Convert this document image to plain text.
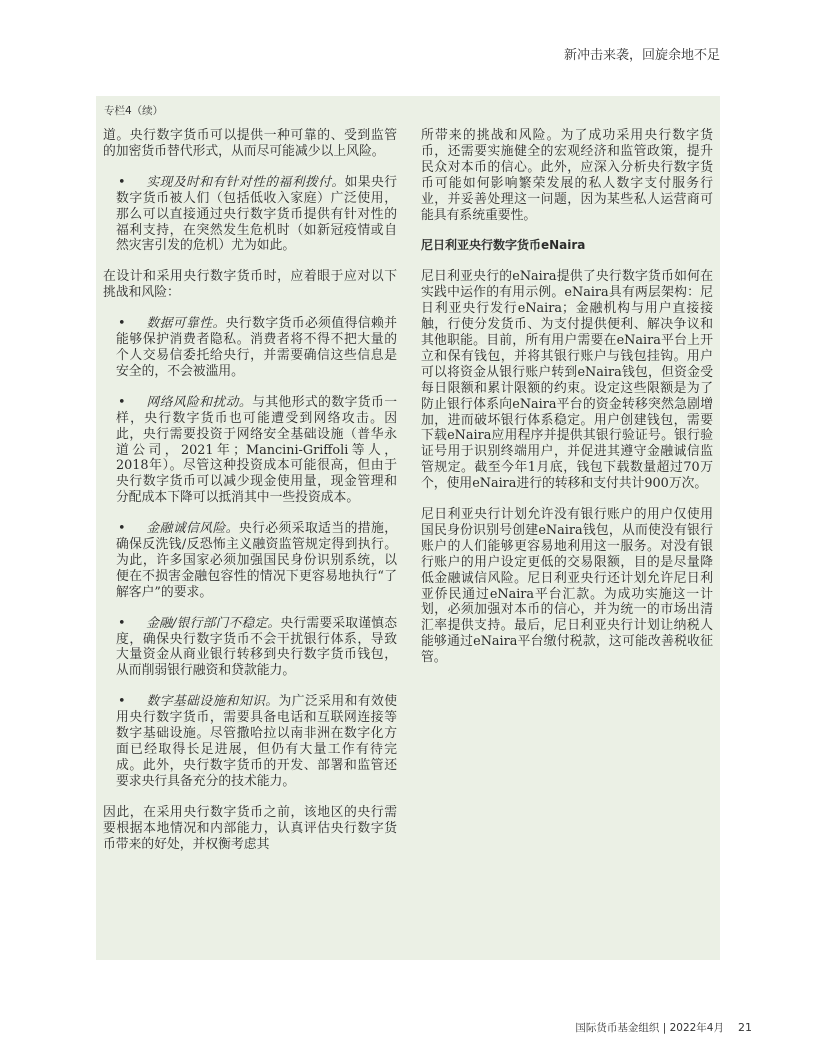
新冲击来袭，回旋余地不足
专栏4（续）

道。央行数字货币可以提供一种可靠的、受到监管的加密货币替代形式，从而尽可能减少以上风险。

• 实现及时和有针对性的福利拨付。如果央行数字货币被人们（包括低收入家庭）广泛使用，那么可以直接通过央行数字货币提供有针对性的福利支持，在突然发生危机时（如新冠疫情或自然灾害引发的危机）尤为如此。

在设计和采用央行数字货币时，应着眼于应对以下挑战和风险：

• 数据可靠性。央行数字货币必须值得信赖并能够保护消费者隐私。消费者将不得不把大量的个人交易信委托给央行，并需要确信这些信息是安全的，不会被滥用。

• 网络风险和扰动。与其他形式的数字货币一样，央行数字货币也可能遭受到网络攻击。因此，央行需要投资于网络安全基础设施（普华永道公司，2021年；Mancini-Griffoli等人，2018年）。尽管这种投资成本可能很高，但由于央行数字货币可以减少现金使用量，现金管理和分配成本下降可以抵消其中一些投资成本。

• 金融诚信风险。央行必须采取适当的措施，确保反洗钱/反恐怖主义融资监管规定得到执行。为此，许多国家必须加强国民身份识别系统，以便在不损害金融包容性的情况下更容易地执行“了解客户”的要求。

• 金融/银行部门不稳定。央行需要采取谨慎态度，确保央行数字货币不会干扰银行体系，导致大量资金从商业银行转移到央行数字货币钱包，从而削弱银行融资和贷款能力。

• 数字基础设施和知识。为广泛采用和有效使用央行数字货币，需要具备电话和互联网连接等数字基础设施。尽管撒哈拉以南非洲在数字化方面已经取得长足进展，但仍有大量工作有待完成。此外，央行数字货币的开发、部署和监管还要求央行具备充分的技术能力。

因此，在采用央行数字货币之前，该地区的央行需要根据本地情况和内部能力，认真评估央行数字货币带来的好处，并权衡考虑其

所带来的挑战和风险。为了成功采用央行数字货币，还需要实施健全的宏观经济和监管政策，提升民众对本币的信心。此外，应深入分析央行数字货币可能如何影响繁荣发展的私人数字支付服务行业，并妥善处理这一问题，因为某些私人运营商可能具有系统重要性。

尼日利亚央行数字货币eNaira

尼日利亚央行的eNaira提供了央行数字货币如何在实践中运作的有用示例。eNaira具有两层架构：尼日利亚央行发行eNaira；金融机构与用户直接接触，行使分发货币、为支付提供便利、解决争议和其他职能。目前，所有用户需要在eNaira平台上开立和保有钱包，并将其银行账户与钱包挂钩。用户可以将资金从银行账户转到eNaira钱包，但资金受每日限额和累计限额的约束。设定这些限额是为了防止银行体系向eNaira平台的资金转移突然急剧增加，进而破坏银行体系稳定。用户创建钱包，需要下载eNaira应用程序并提供其银行验证号。银行验证号用于识别终端用户，并促进其遵守金融诚信监管规定。截至今年1月底，钱包下载数量超过70万个，使用eNaira进行的转移和支付共计900万次。

尼日利亚央行计划允许没有银行账户的用户仅使用国民身份识别号创建eNaira钱包，从而使没有银行账户的人们能够更容易地利用这一服务。对没有银行账户的用户设定更低的交易限额，目的是尽量降低金融诚信风险。尼日利亚央行还计划允许尼日利亚侨民通过eNaira平台汇款。为成功实施这一计划，必须加强对本币的信心，并为统一的市场出清汇率提供支持。最后，尼日利亚央行计划让纳税人能够通过eNaira平台缴付税款，这可能改善税收征管。

国际货币基金组织 | 2022年4月 21
